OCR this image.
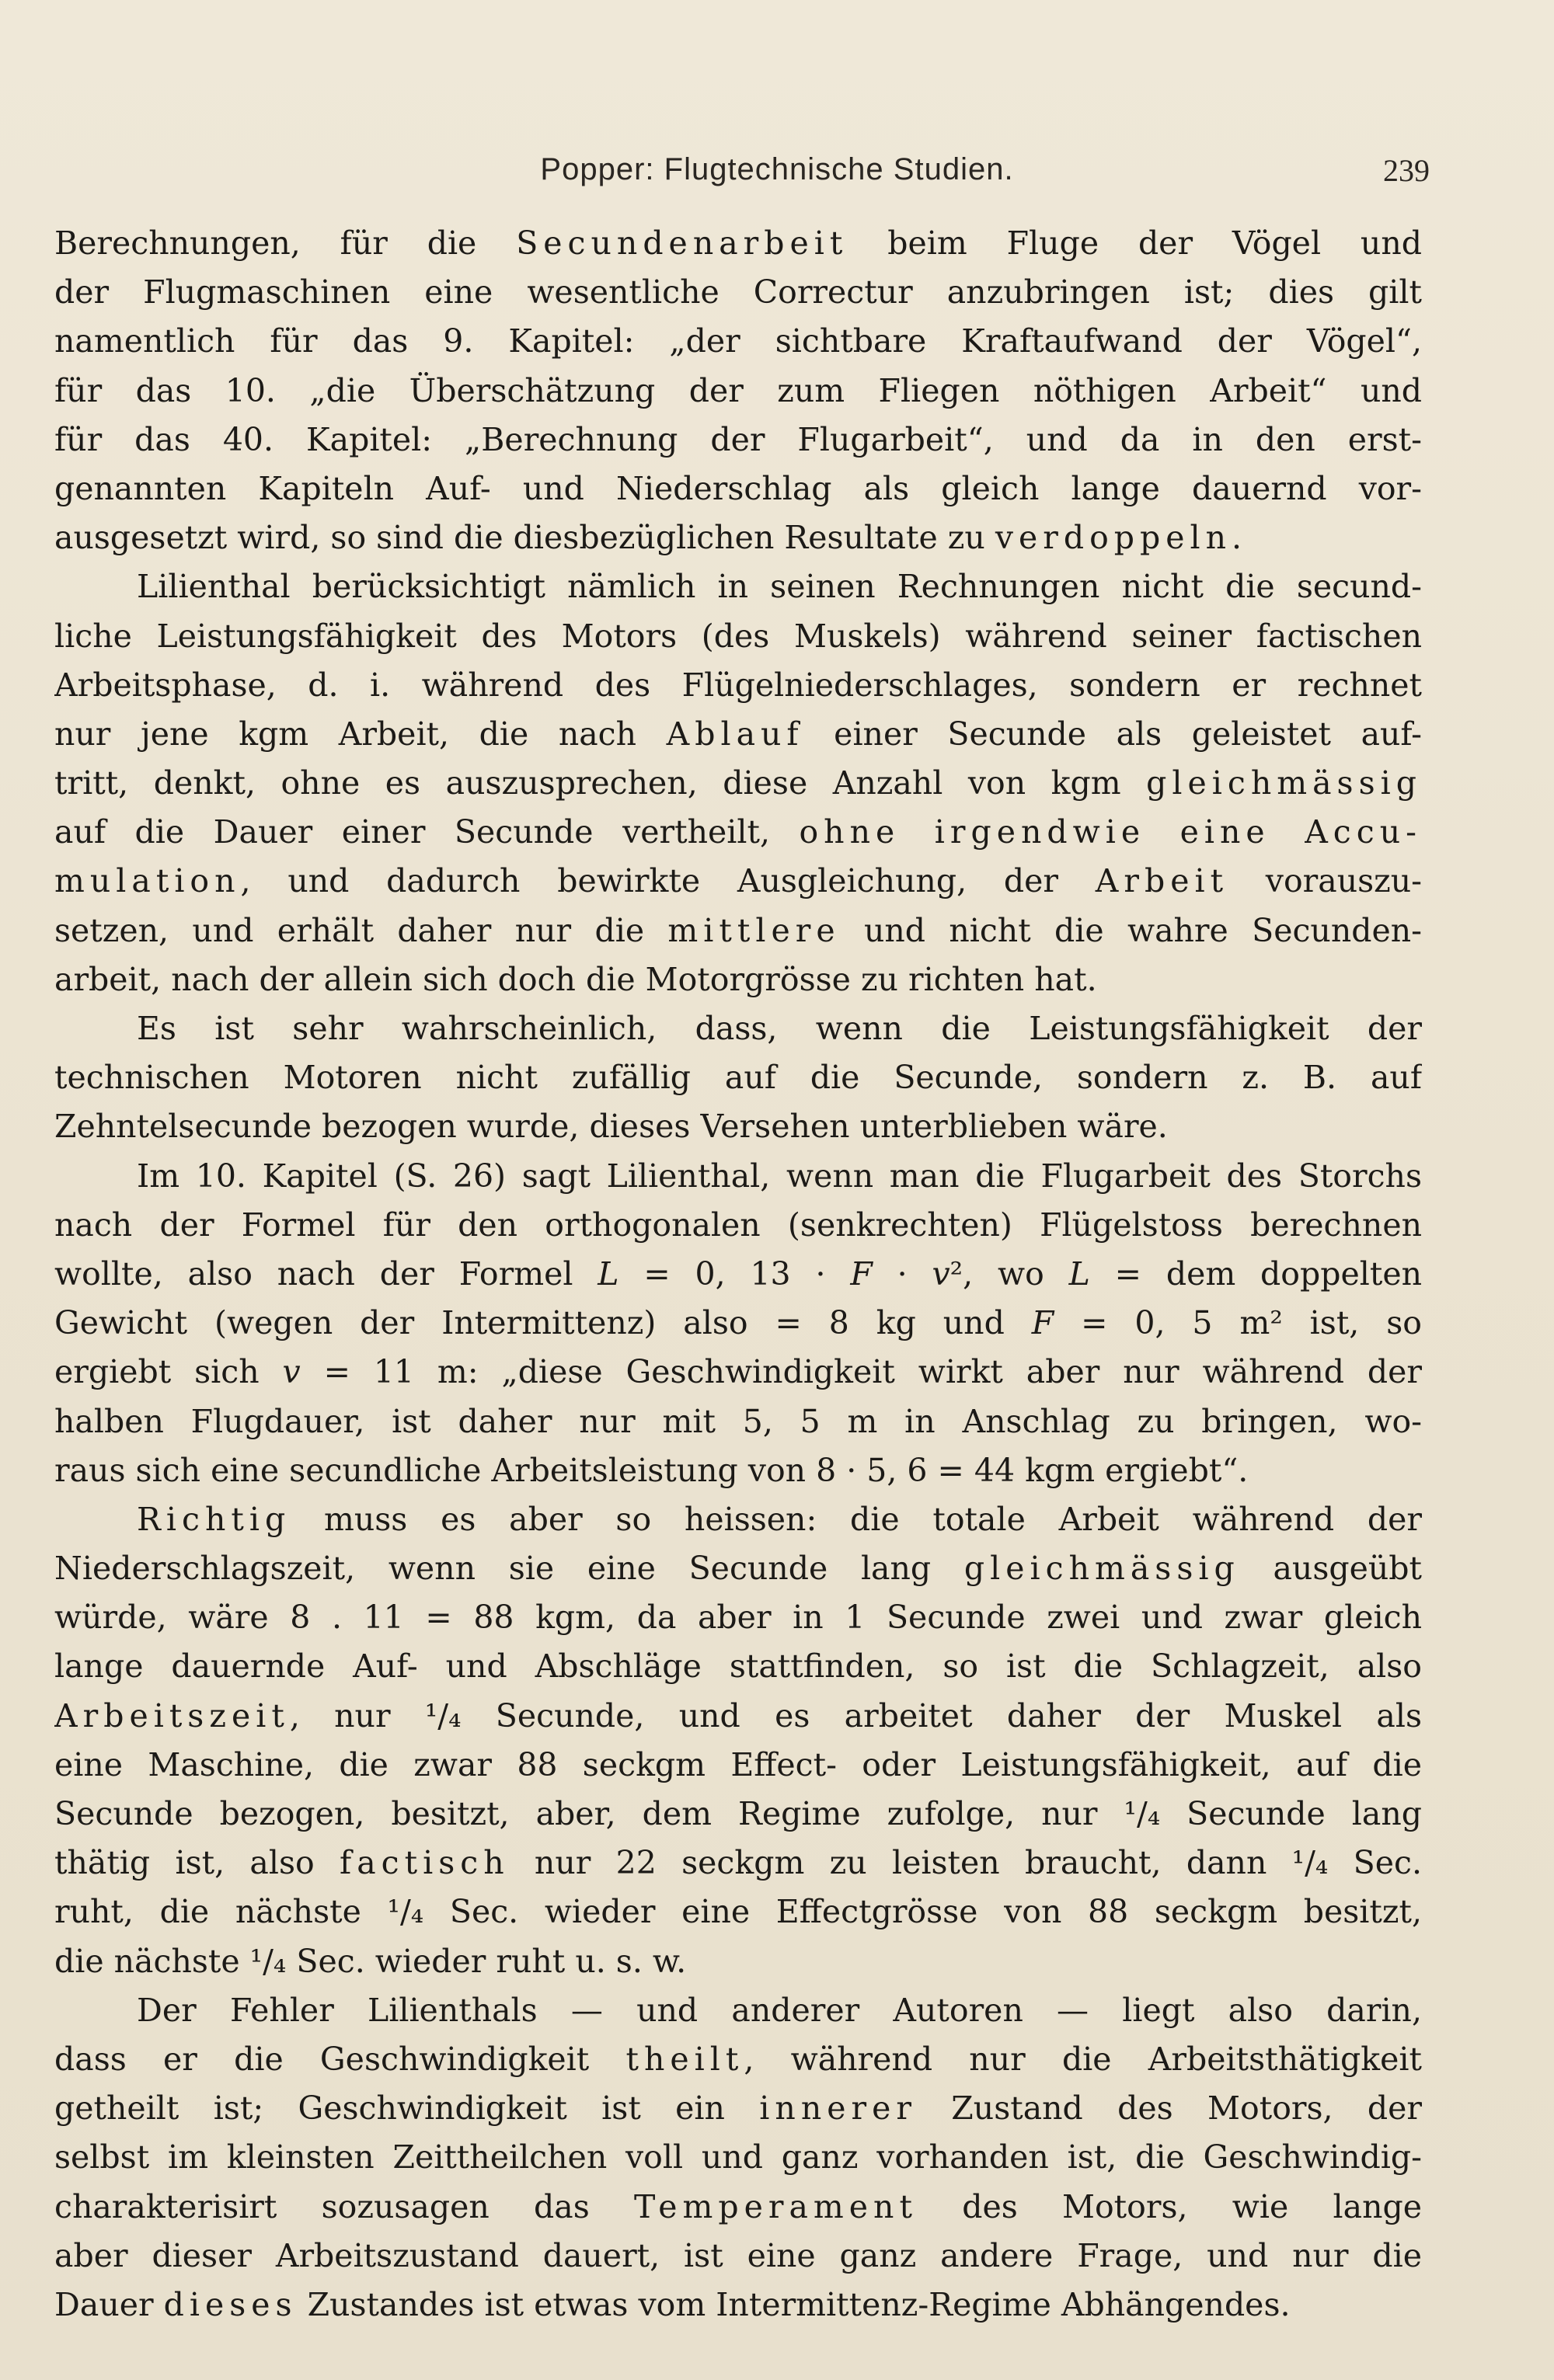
Popper: Flugtechnische Studien.	239
Berechnungen, für die Secundenarbeit beim Fluge der Vögel und
der Flugmaschinen eine wesentliche Correctur anzubringen ist; dies gilt
namentlich für das 9. Kapitel: „der sichtbare Kraftaufwand der Vögel“,
für das 10. „die Überschätzung der zum Fliegen nöthigen Arbeit“ und
für das 40. Kapitel: „Berechnung der Flugarbeit“, und da in den erst-
genannten Kapiteln Auf- und Niederschlag als gleich lange dauernd vor-
ausgesetzt wird, so sind die diesbezüglichen Resultate zu verdoppeln.
Lilienthal berücksichtigt nämlich in seinen Rechnungen nicht die secund-
liche Leistungsfähigkeit des Motors (des Muskels) während seiner factischen
Arbeitsphase, d. i. während des Flügelniederschlages, sondern er rechnet
nur jene kgm Arbeit, die nach Ablauf einer Secunde als geleistet auf-
tritt, denkt, ohne es auszusprechen, diese Anzahl von kgm gleichmässig
auf die Dauer einer Secunde vertheilt, ohne irgendwie eine Accu-
mulation, und dadurch bewirkte Ausgleichung, der Arbeit vorauszu-
setzen, und erhält daher nur die mittlere und nicht die wahre Secunden-
arbeit, nach der allein sich doch die Motorgrösse zu richten hat.
Es ist sehr wahrscheinlich, dass, wenn die Leistungsfähigkeit der
technischen Motoren nicht zufällig auf die Secunde, sondern z. B. auf
Zehntelsecunde bezogen wurde, dieses Versehen unterblieben wäre.
Im 10. Kapitel (S. 26) sagt Lilienthal, wenn man die Flugarbeit des Storchs
nach der Formel für den orthogonalen (senkrechten) Flügelstoss berechnen
wollte, also nach der Formel L = 0, 13 · F · v², wo L = dem doppelten
Gewicht (wegen der Intermittenz) also = 8 kg und F = 0, 5 m² ist, so
ergiebt sich v = 11 m: „diese Geschwindigkeit wirkt aber nur während der
halben Flugdauer, ist daher nur mit 5, 5 m in Anschlag zu bringen, wo-
raus sich eine secundliche Arbeitsleistung von 8 · 5, 6 = 44 kgm ergiebt“.
Richtig muss es aber so heissen: die totale Arbeit während der
Niederschlagszeit, wenn sie eine Secunde lang gleichmässig ausgeübt
würde, wäre 8 . 11 = 88 kgm, da aber in 1 Secunde zwei und zwar gleich
lange dauernde Auf- und Abschläge stattfinden, so ist die Schlagzeit, also
Arbeitszeit, nur ¹/₄ Secunde, und es arbeitet daher der Muskel als
eine Maschine, die zwar 88 seckgm Effect- oder Leistungsfähigkeit, auf die
Secunde bezogen, besitzt, aber, dem Regime zufolge, nur ¹/₄ Secunde lang
thätig ist, also factisch nur 22 seckgm zu leisten braucht, dann ¹/₄ Sec.
ruht, die nächste ¹/₄ Sec. wieder eine Effectgrösse von 88 seckgm besitzt,
die nächste ¹/₄ Sec. wieder ruht u. s. w.
Der Fehler Lilienthals — und anderer Autoren — liegt also darin,
dass er die Geschwindigkeit theilt, während nur die Arbeitsthätigkeit
getheilt ist; Geschwindigkeit ist ein innerer Zustand des Motors, der
selbst im kleinsten Zeittheilchen voll und ganz vorhanden ist, die Geschwindig-
charakterisirt sozusagen das Temperament des Motors, wie lange
aber dieser Arbeitszustand dauert, ist eine ganz andere Frage, und nur die
Dauer dieses Zustandes ist etwas vom Intermittenz-Regime Abhängendes.
